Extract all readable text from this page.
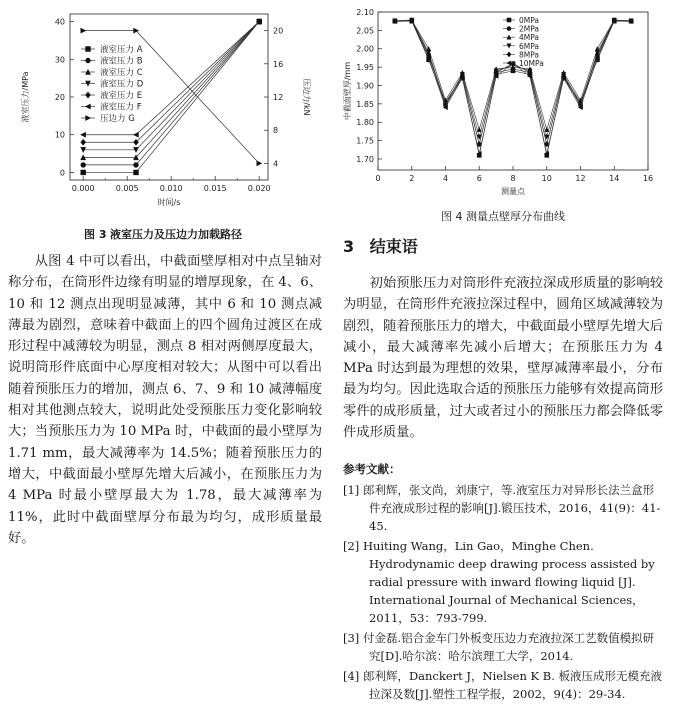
0.000	0.005	0.010	0.015	0.020
0
10
20
30
40
4
8
12
16
20
时间/s
液室压力/MPa	压边力/kN
液室压力 A
液室压力 B
液室压力 C
液室压力 D
液室压力 E
液室压力 F
压边力 G
图 3 液室压力及压边力加载路径
0	2	4	6	8	10	12	14	16
1.70
1.75
1.80
1.85
1.90
1.95
2.00
2.05
2.10
测量点
中截面壁厚/mm
0MPa
2MPa
4MPa
6MPa
8MPa
10MPa
图 4 测量点壁厚分布曲线

从图 4 中可以看出，中截面壁厚相对中点呈轴对称分布，在筒形件边缘有明显的增厚现象，在 4、6、10 和 12 测点出现明显减薄，其中 6 和 10 测点减薄最为剧烈，意味着中截面上的四个圆角过渡区在成形过程中减薄较为明显，测点 8 相对两侧厚度最大，说明筒形件底面中心厚度相对较大；从图中可以看出随着预胀压力的增加，测点 6、7、9 和 10 减薄幅度相对其他测点较大，说明此处受预胀压力变化影响较大；当预胀压力为 10 MPa 时，中截面的最小壁厚为 1.71 mm，最大减薄率为 14.5%；随着预胀压力的增大，中截面最小壁厚先增大后减小，在预胀压力为 4 MPa 时最小壁厚最大为 1.78，最大减薄率为 11%，此时中截面壁厚分布最为均匀，成形质量最好。

3 结束语

初始预胀压力对筒形件充液拉深成形质量的影响较为明显，在筒形件充液拉深过程中，圆角区域减薄较为剧烈，随着预胀压力的增大，中截面最小壁厚先增大后减小，最大减薄率先减小后增大；在预胀压力为 4 MPa 时达到最为理想的效果，壁厚减薄率最小，分布最为均匀。因此选取合适的预胀压力能够有效提高筒形零件的成形质量，过大或者过小的预胀压力都会降低零件成形质量。

参考文献：
[1] 郎利辉，张文尚，刘康宁，等.液室压力对异形长法兰盒形件充液成形过程的影响[J].锻压技术，2016，41(9)：41-45.
[2] Huiting Wang，Lin Gao，Minghe Chen. Hydrodynamic deep drawing process assisted by radial pressure with inward flowing liquid [J]. International Journal of Mechanical Sciences，2011，53：793-799.
[3] 付金磊.铝合金车门外板变压边力充液拉深工艺数值模拟研究[D].哈尔滨：哈尔滨理工大学，2014.
[4] 郎利辉，Danckert J，Nielsen K B. 板液压成形无模充液拉深及数[J].塑性工程学报，2002，9(4)：29-34.
